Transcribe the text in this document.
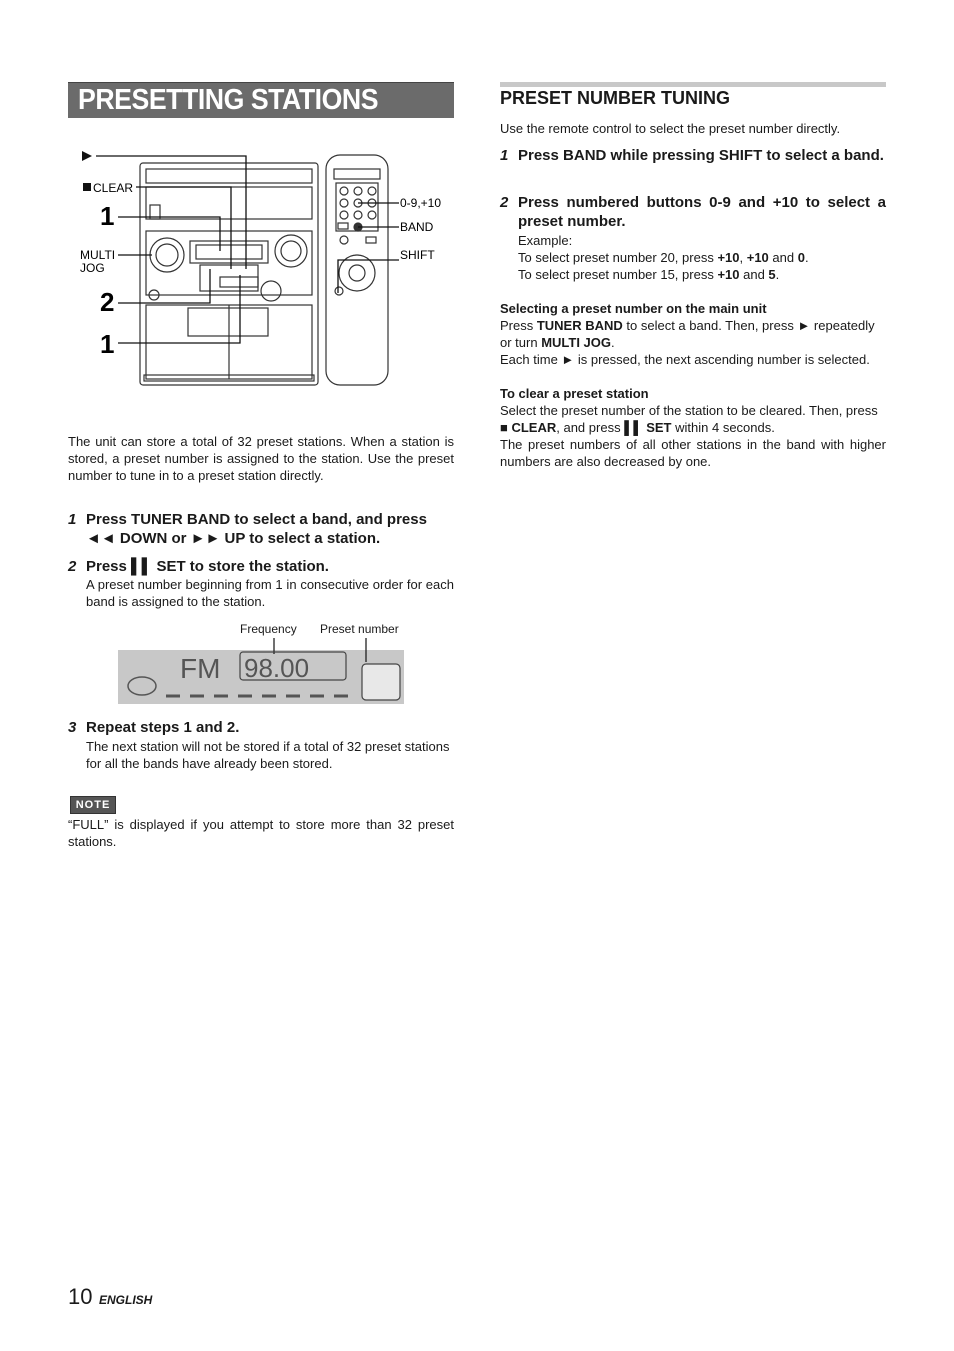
PRESETTING STATIONS
CLEAR
1
MULTI
JOG
2
1
0-9,+10
BAND
SHIFT
The unit can store a total of 32 preset stations. When a station is stored, a preset number is assigned to the station. Use the preset number to tune in to a preset station directly.
1 Press TUNER BAND to select a band, and press ◄◄ DOWN or ►► UP to select a station.
2 Press ▌▌ SET to store the station.
A preset number beginning from 1 in consecutive order for each band is assigned to the station.
Frequency Preset number
FM 98.00
3 Repeat steps 1 and 2.
The next station will not be stored if a total of 32 preset stations for all the bands have already been stored.
NOTE
“FULL” is displayed if you attempt to store more than 32 preset stations.
PRESET NUMBER TUNING
Use the remote control to select the preset number directly.
1 Press BAND while pressing SHIFT to select a band.
2 Press numbered buttons 0-9 and +10 to select a preset number.
Example:
To select preset number 20, press +10, +10 and 0.
To select preset number 15, press +10 and 5.
Selecting a preset number on the main unit
Press TUNER BAND to select a band. Then, press ► repeatedly
or turn MULTI JOG.
Each time ► is pressed, the next ascending number is selected.
To clear a preset station
Select the preset number of the station to be cleared. Then, press
■ CLEAR, and press ▌▌ SET within 4 seconds.
The preset numbers of all other stations in the band with higher numbers are also decreased by one.
10 ENGLISH
